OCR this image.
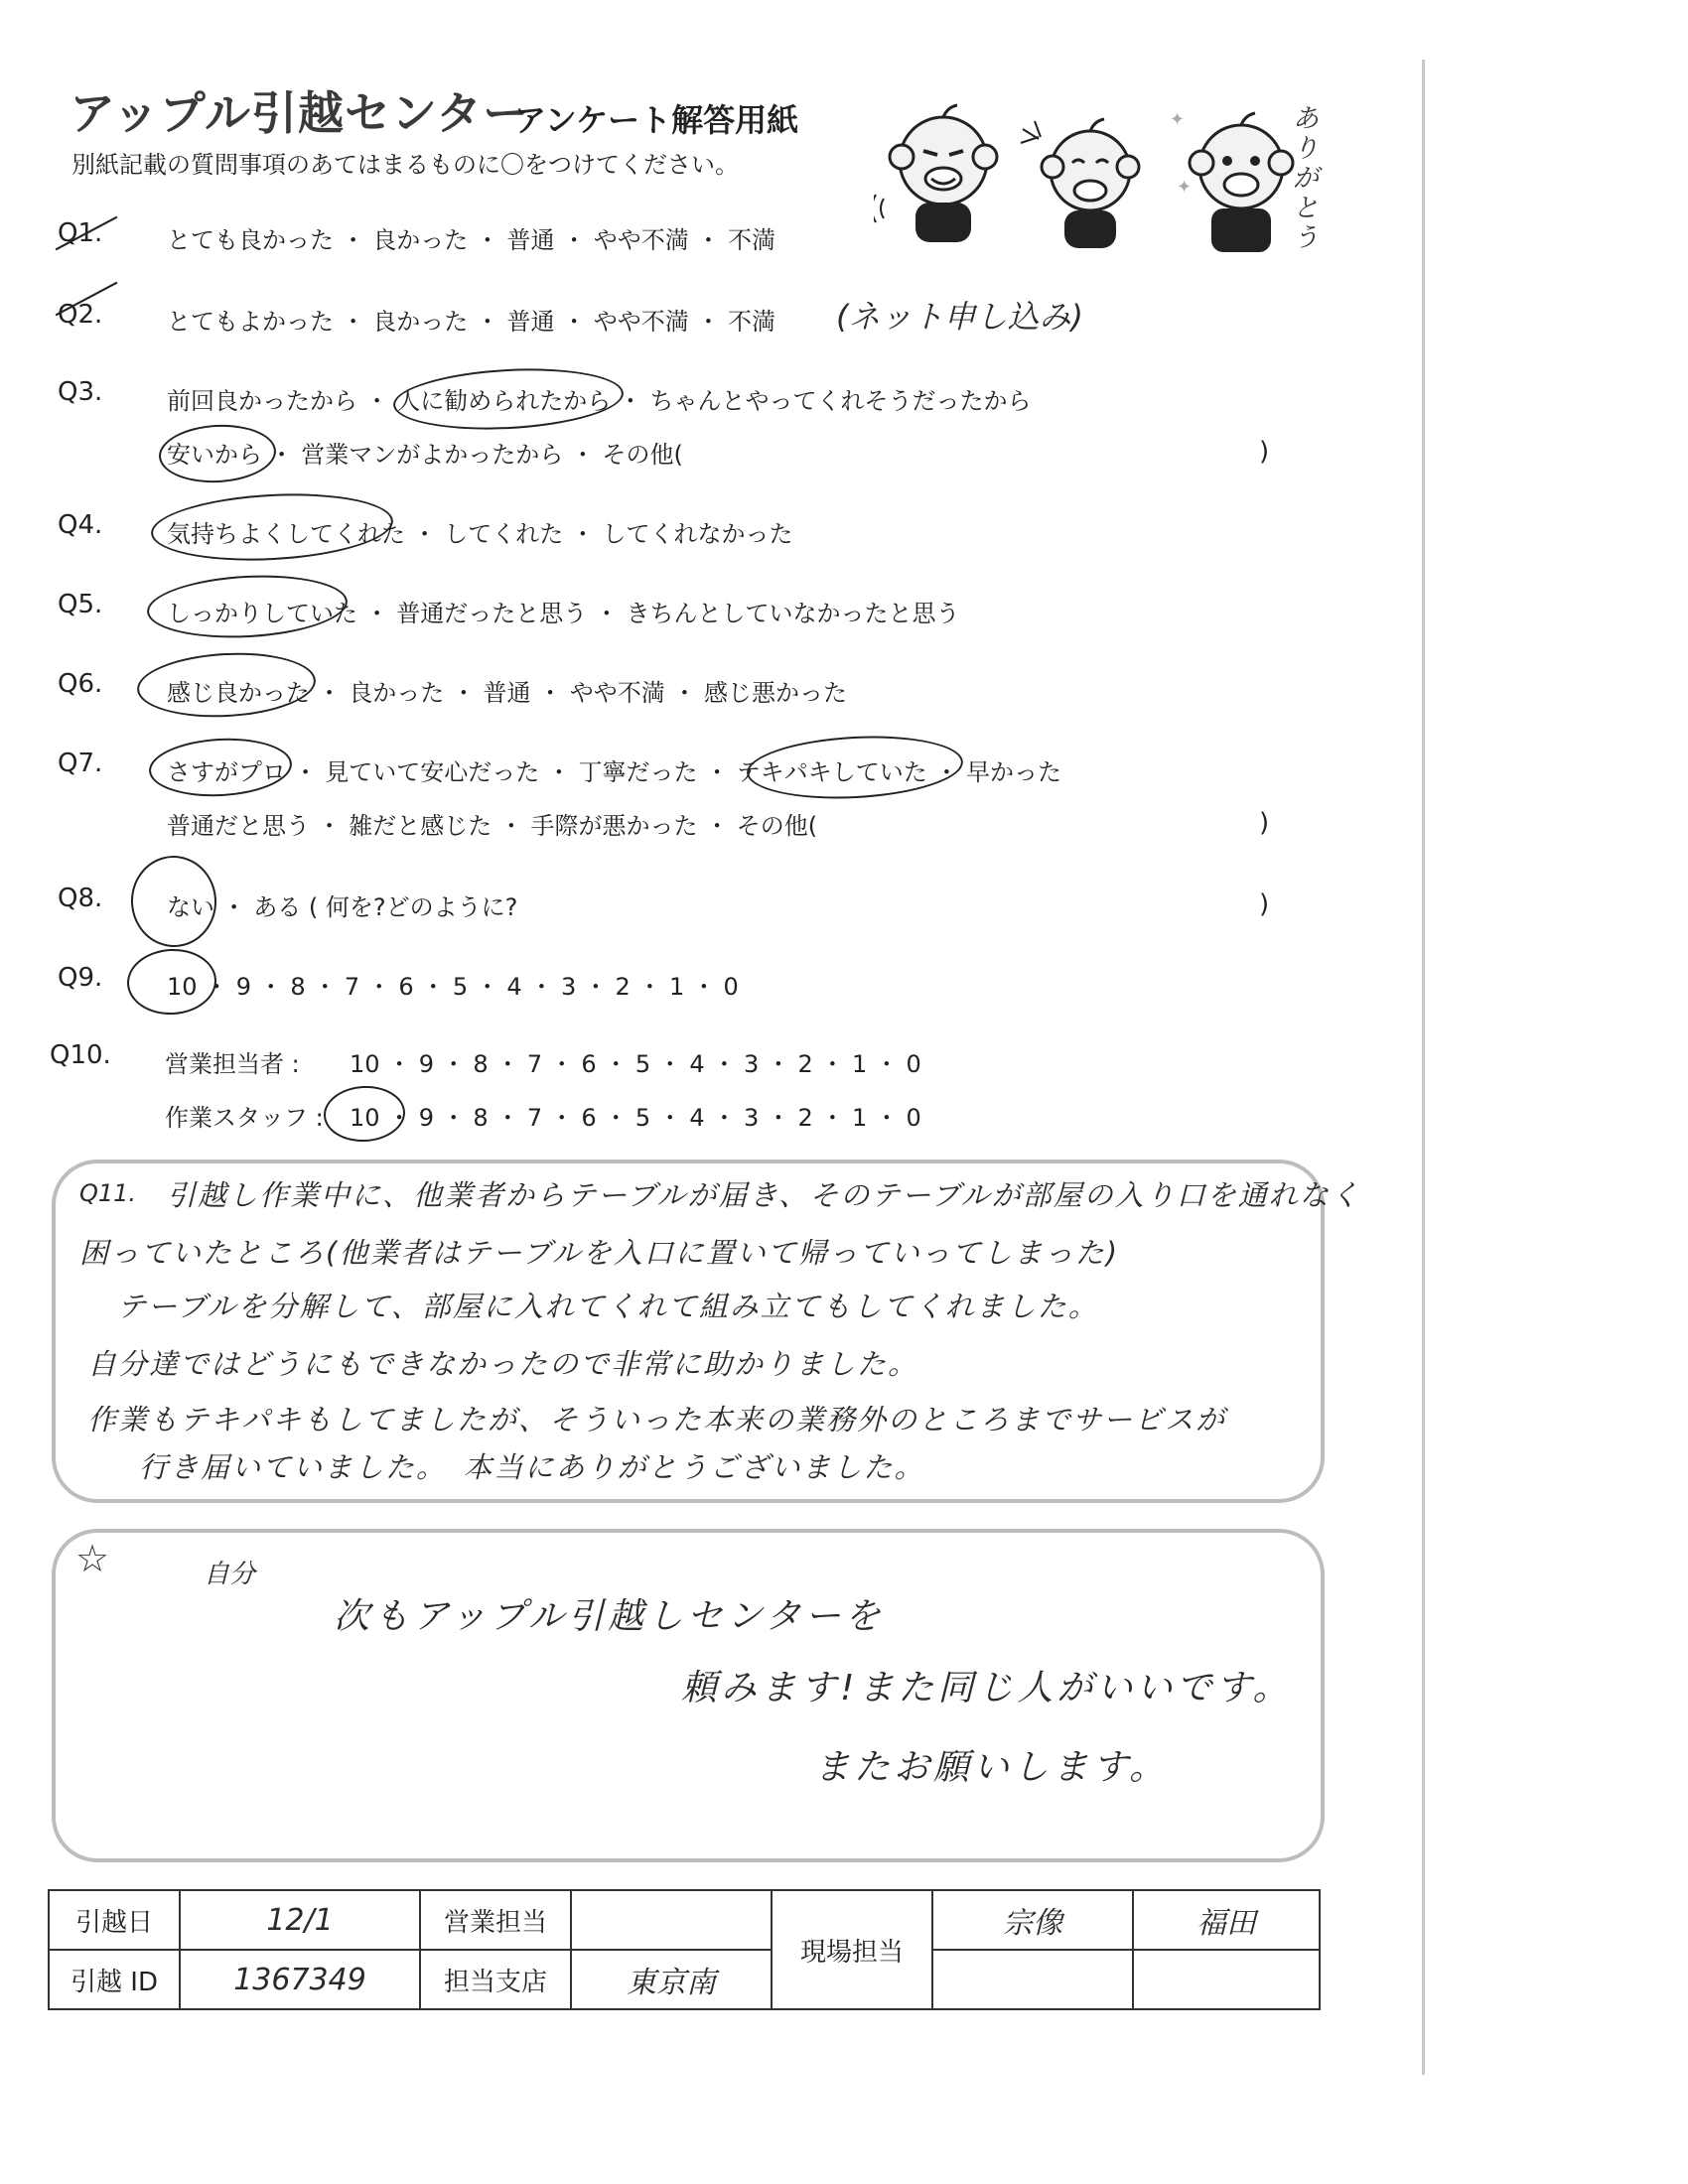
アップル引越センター
アンケート解答用紙
別紙記載の質問事項のあてはまるものに〇をつけてください。
✦
✦
ありがとう
Q1.	とても良かった ・ 良かった ・ 普通 ・ やや不満 ・ 不満
Q2.	とてもよかった ・ 良かった ・ 普通 ・ やや不満 ・ 不満 (ネット申し込み)
Q3.	前回良かったから ・ 人に勧められたから ・ ちゃんとやってくれそうだったから
安いから ・ 営業マンがよかったから ・ その他(	)
Q4.	気持ちよくしてくれた ・ してくれた ・ してくれなかった
Q5.	しっかりしていた ・ 普通だったと思う ・ きちんとしていなかったと思う
Q6.	感じ良かった ・ 良かった ・ 普通 ・ やや不満 ・ 感じ悪かった
Q7.	さすがプロ ・ 見ていて安心だった ・ 丁寧だった ・ テキパキしていた ・ 早かった
普通だと思う ・ 雑だと感じた ・ 手際が悪かった ・ その他(	)
Q8.	ない ・ ある ( 何を?どのように?	)
Q9.	10 ・ 9 ・ 8 ・ 7 ・ 6 ・ 5 ・ 4 ・ 3 ・ 2 ・ 1 ・ 0
Q10. 営業担当者 : 10 ・ 9 ・ 8 ・ 7 ・ 6 ・ 5 ・ 4 ・ 3 ・ 2 ・ 1 ・ 0
作業スタッフ : 10 ・ 9 ・ 8 ・ 7 ・ 6 ・ 5 ・ 4 ・ 3 ・ 2 ・ 1 ・ 0
Q11. 引越し作業中に、他業者からテーブルが届き、そのテーブルが部屋の入り口を通れなく
困っていたところ(他業者はテーブルを入口に置いて帰っていってしまった)
テーブルを分解して、部屋に入れてくれて組み立てもしてくれました。
自分達ではどうにもできなかったので非常に助かりました。
作業もテキパキもしてましたが、そういった本来の業務外のところまでサービスが
行き届いていました。　本当にありがとうございました。
☆	自分
次もアップル引越しセンターを
頼みます!また同じ人がいいです。
またお願いします。
引越日	12/1	営業担当		現場担当	宗像	福田
引越 ID	1367349	担当支店	東京南			
